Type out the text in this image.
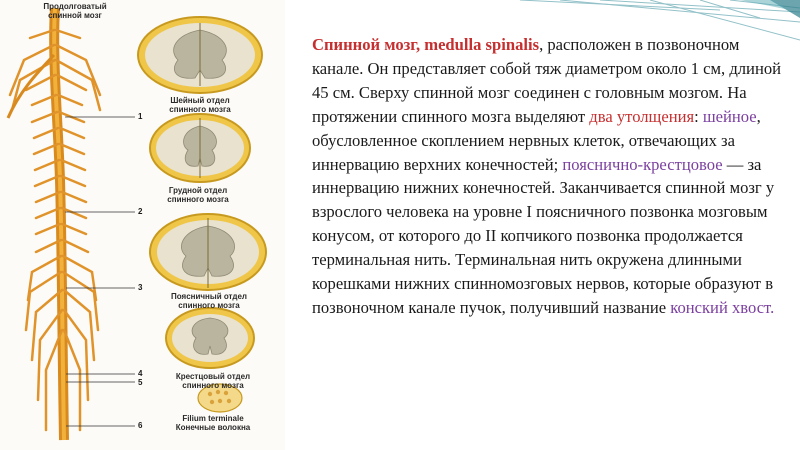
Продолговатый
спинной мозг
Шейный отдел
спинного мозга
Грудной отдел
спинного мозга
Поясничный отдел
спинного мозга
Крестцовый отдел
спинного мозга
Filium terminale
Конечные волокна
1
2
3
4
5
6

Спинной мозг, medulla spinalis, расположен в позвоночном канале. Он представляет собой тяж диаметром около 1 см, длиной 45 см. Сверху спинной мозг соединен с головным мозгом. На протяжении спинного мозга выделяют два утолщения: шейное, обусловленное скоплением нервных клеток, отвечающих за иннервацию верхних конечностей; пояснично-крестцовое — за иннервацию нижних конечностей. Заканчивается спинной мозг у взрослого человека на уровне I поясничного позвонка мозговым конусом, от которого до II копчикого позвонка продолжается терминальная нить. Терминальная нить окружена длинными корешками нижних спинномозговых нервов, которые образуют в позвоночном канале пучок, получивший название конский хвост.
